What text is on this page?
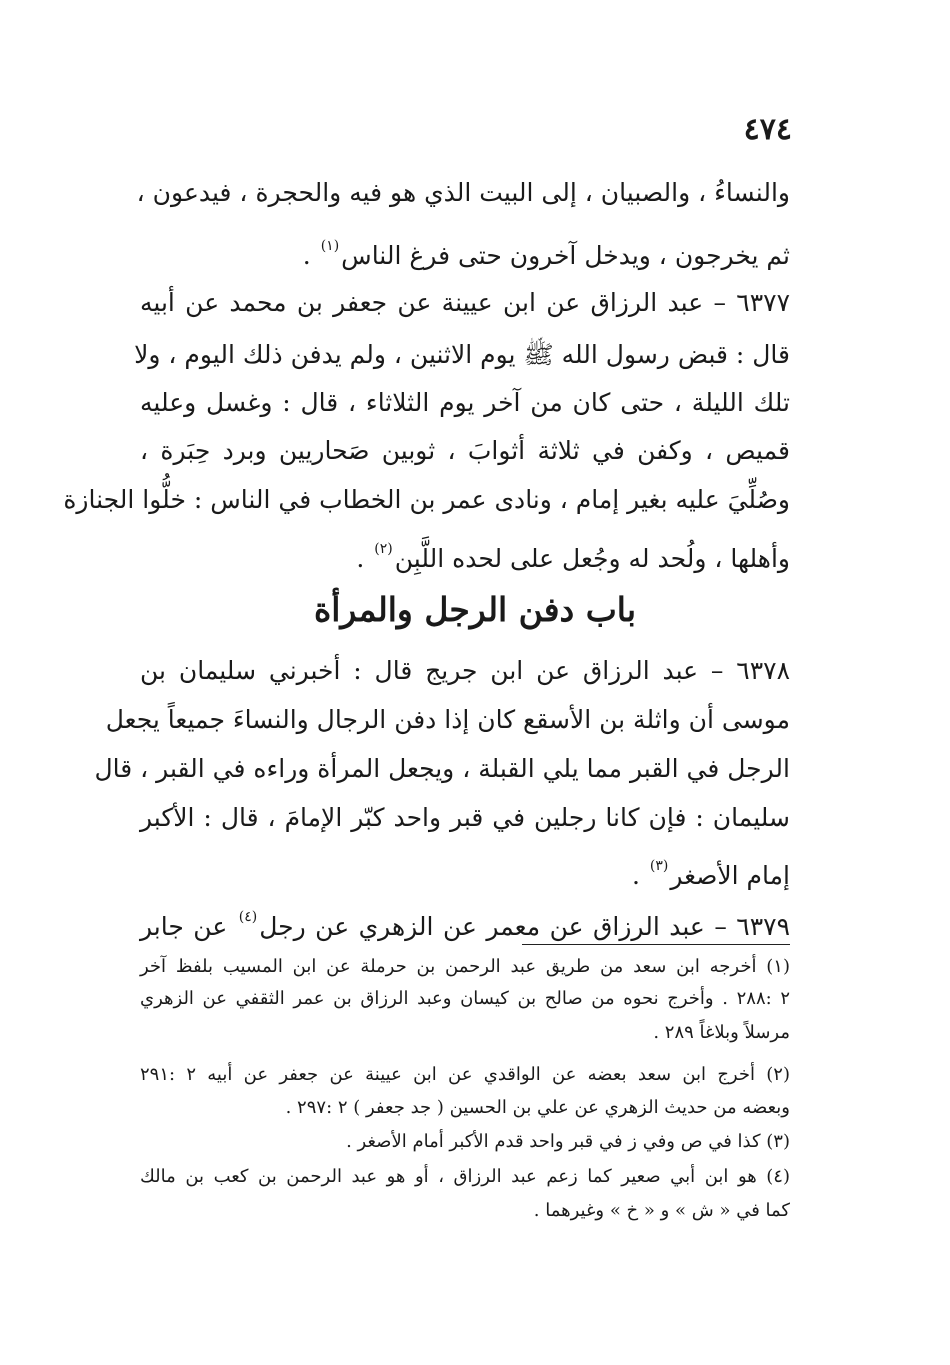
٤٧٤
والنساءُ ، والصبيان ، إلى البيت الذي هو فيه والحجرة ، فيدعون ،
ثم يخرجون ، ويدخل آخرون حتى فرغ الناس$^{(١)}$ .
٦٣٧٧ – عبد الرزاق عن ابن عيينة عن جعفر بن محمد عن أبيه
قال : قبض رسول الله ﷺ يوم الاثنين ، ولم يدفن ذلك اليوم ، ولا
تلك الليلة ، حتى كان من آخر يوم الثلاثاء ، قال : وغسل وعليه
قميص ، وكفن في ثلاثة أثوابَ ، ثوبين صَحاريين وبرد حِبَرة ،
وصُلِّيَ عليه بغير إمام ، ونادى عمر بن الخطاب في الناس : خلُّوا الجنازة
وأهلها ، ولُحد له وجُعل على لحده اللَّبِن$^{(٢)}$ .
باب دفن الرجل والمرأة
٦٣٧٨ – عبد الرزاق عن ابن جريج قال : أخبرني سليمان بن
موسى أن واثلة بن الأسقع كان إذا دفن الرجال والنساءَ جميعاً يجعل
الرجل في القبر مما يلي القبلة ، ويجعل المرأة وراءه في القبر ، قال
سليمان : فإن كانا رجلين في قبر واحد كبّر الإمامَ ، قال : الأكبر
إمام الأصغر$^{(٣)}$ .
٦٣٧٩ – عبد الرزاق عن معمر عن الزهري عن رجل$^{(٤)}$ عن جابر
(١) أخرجه ابن سعد من طريق عبد الرحمن بن حرملة عن ابن المسيب بلفظ آخر
٢ :٢٨٨ . وأخرج نحوه من صالح بن كيسان وعبد الرزاق بن عمر الثقفي عن الزهري
مرسلاً وبلاغاً ٢٨٩ .
(٢) أخرج ابن سعد بعضه عن الواقدي عن ابن عيينة عن جعفر عن أبيه ٢ :٢٩١
وبعضه من حديث الزهري عن علي بن الحسين ( جد جعفر ) ٢ :٢٩٧ .
(٣) كذا في ص وفي ز في قبر واحد قدم الأكبر أمام الأصغر .
(٤) هو ابن أبي صعير كما زعم عبد الرزاق ، أو هو عبد الرحمن بن كعب بن مالك
كما في « ش » و « خ » وغيرهما .
